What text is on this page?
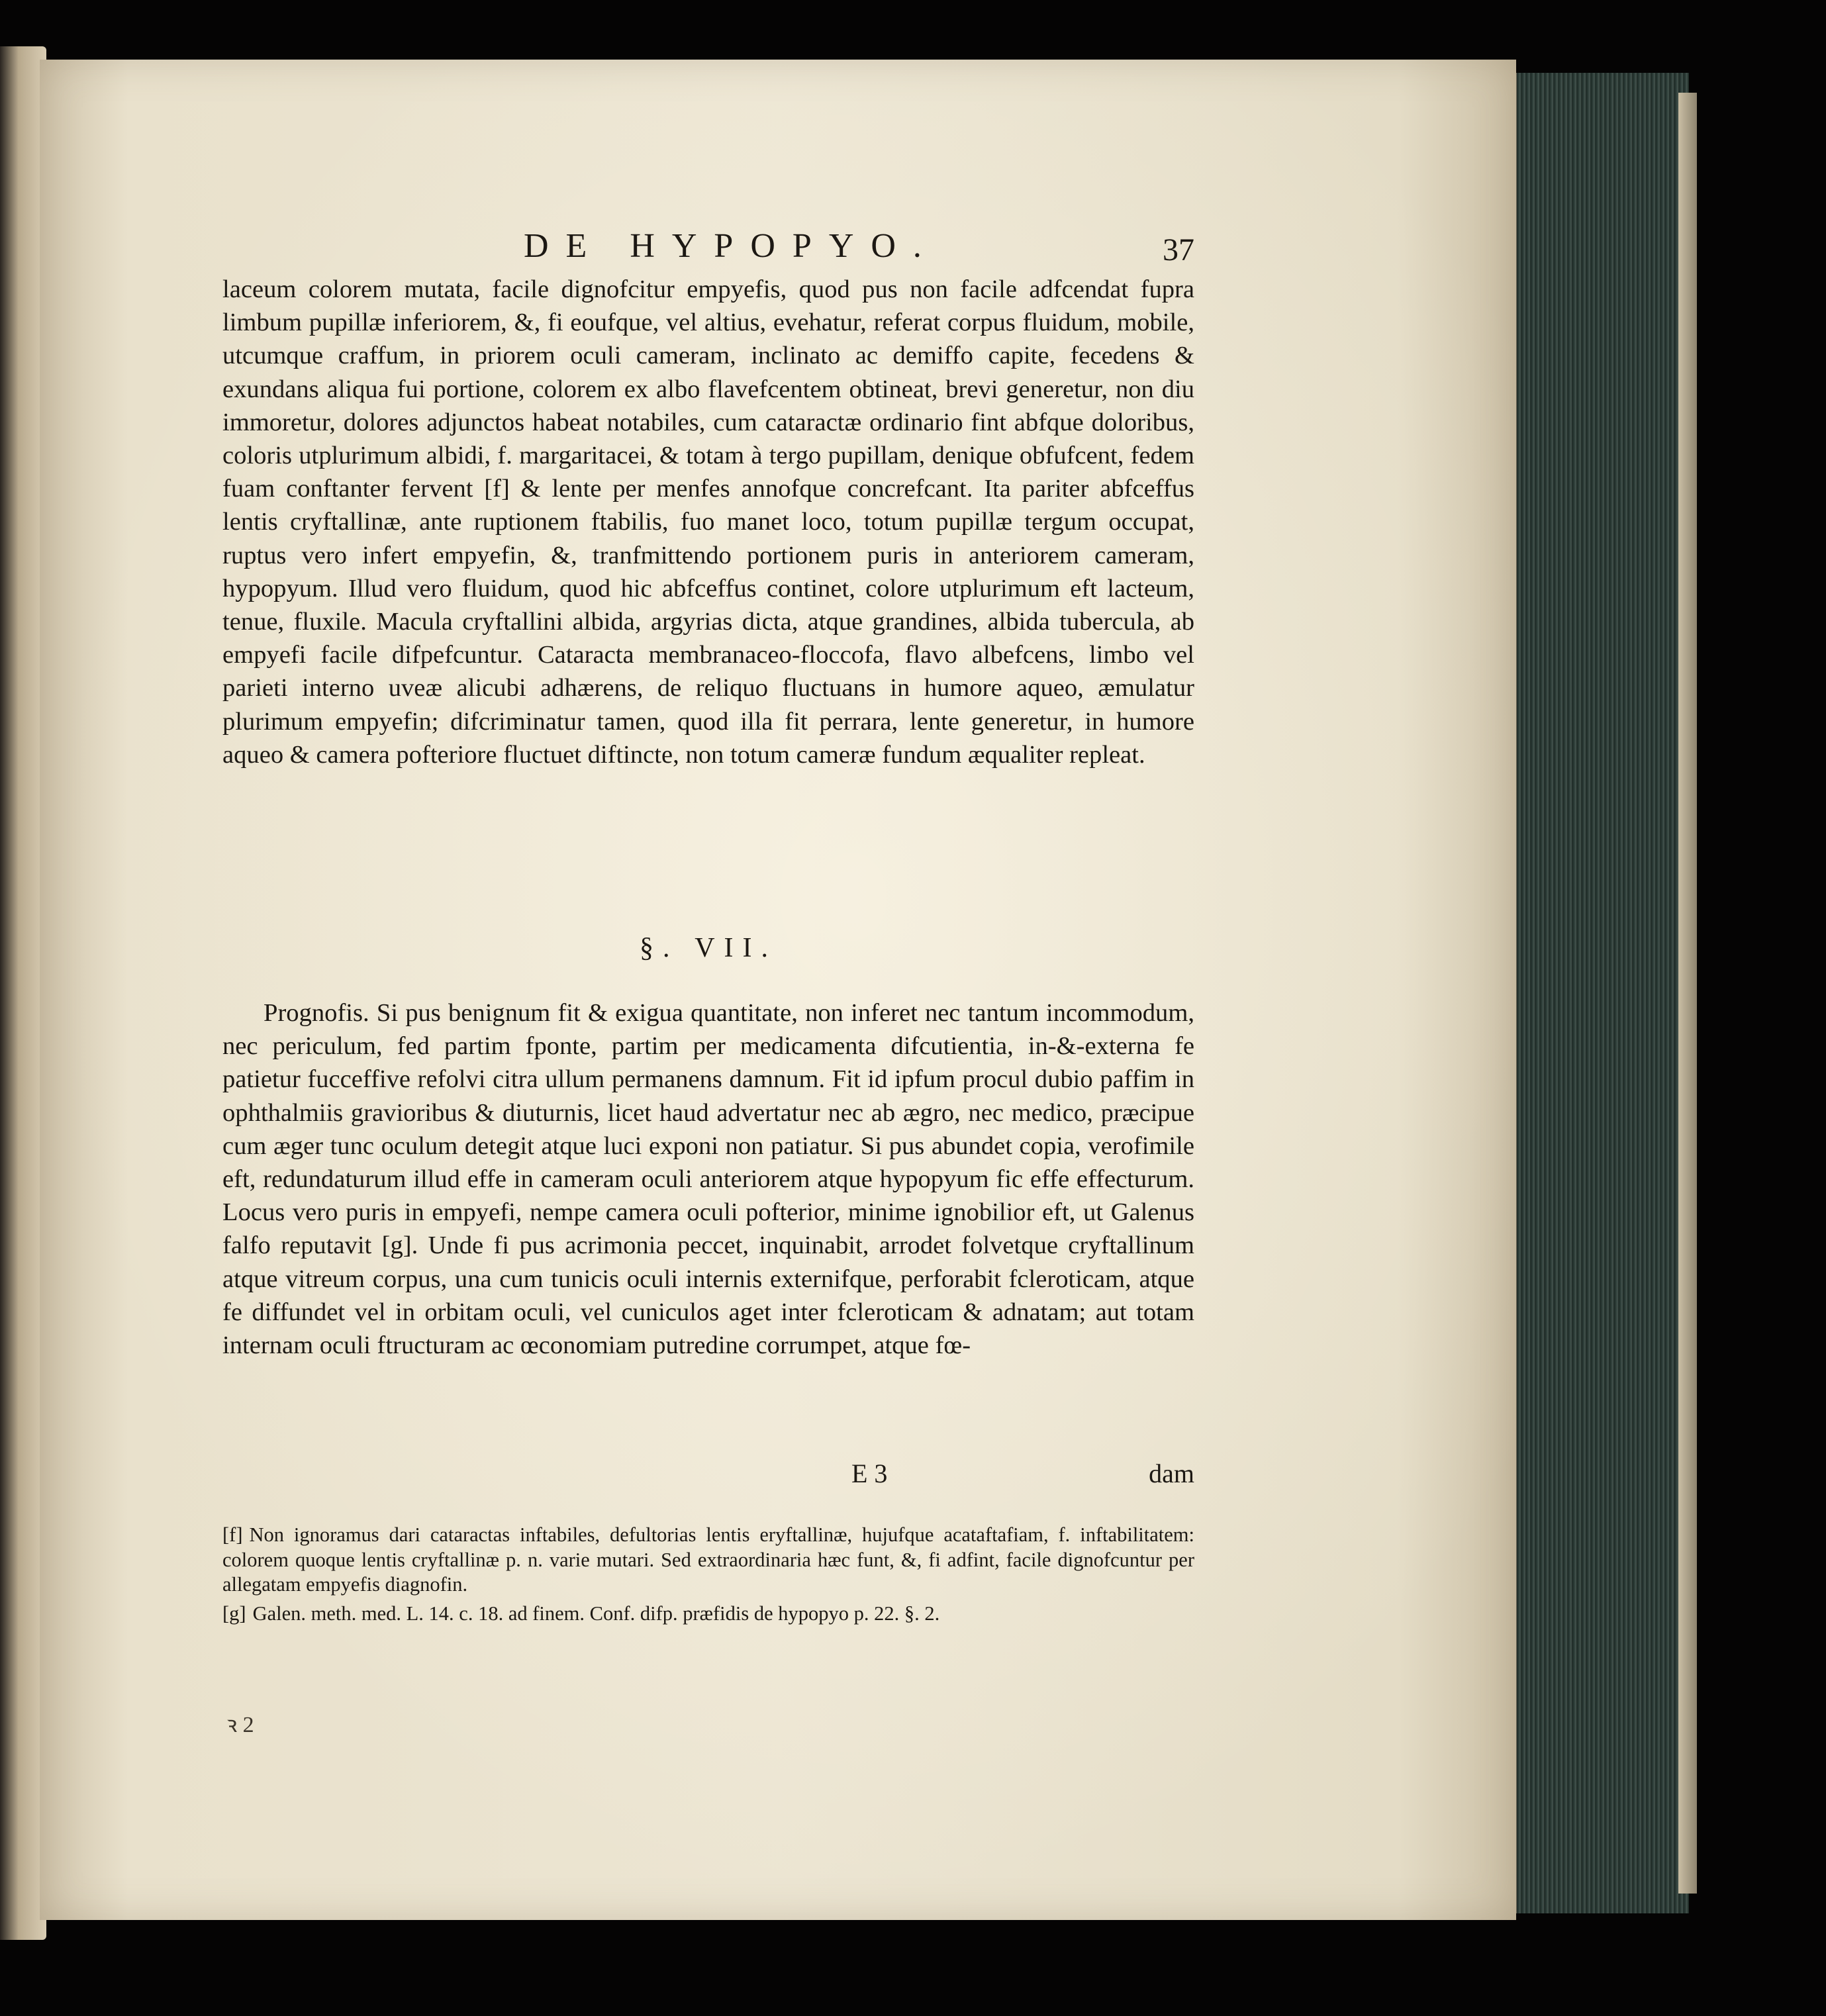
DE HYPOPYO.	37

laceum colorem mutata, facile dignofcitur empyefis, quod pus non facile adfcendat fupra limbum pupillæ inferiorem, &, fi eoufque, vel altius, evehatur, referat corpus fluidum, mobile, utcumque craffum, in priorem oculi cameram, inclinato ac demiffo capite, fecedens & exundans aliqua fui portione, colorem ex albo flavefcentem obtineat, brevi generetur, non diu immoretur, dolores adjunctos habeat notabiles, cum cataractæ ordinario fint abfque doloribus, coloris utplurimum albidi, f. margaritacei, & totam à tergo pupillam, denique obfufcent, fedem fuam conftanter fervent [f] & lente per menfes annofque concrefcant. Ita pariter abfceffus lentis cryftallinæ, ante ruptionem ftabilis, fuo manet loco, totum pupillæ tergum occupat, ruptus vero infert empyefin, &, tranfmittendo portionem puris in anteriorem cameram, hypopyum. Illud vero fluidum, quod hic abfceffus continet, colore utplurimum eft lacteum, tenue, fluxile. Macula cryftallini albida, argyrias dicta, atque grandines, albida tubercula, ab empyefi facile difpefcuntur. Cataracta membranaceo-floccofa, flavo albefcens, limbo vel parieti interno uveæ alicubi adhærens, de reliquo fluctuans in humore aqueo, æmulatur plurimum empyefin; difcriminatur tamen, quod illa fit perrara, lente generetur, in humore aqueo & camera pofteriore fluctuet diftincte, non totum cameræ fundum æqualiter repleat.

§. VII.

Prognofis. Si pus benignum fit & exigua quantitate, non inferet nec tantum incommodum, nec periculum, fed partim fponte, partim per medicamenta difcutientia, in-&-externa fe patietur fucceffive refolvi citra ullum permanens damnum. Fit id ipfum procul dubio paffim in ophthalmiis gravioribus & diuturnis, licet haud advertatur nec ab ægro, nec medico, præcipue cum æger tunc oculum detegit atque luci exponi non patiatur. Si pus abundet copia, verofimile eft, redundaturum illud effe in cameram oculi anteriorem atque hypopyum fic effe effecturum. Locus vero puris in empyefi, nempe camera oculi pofterior, minime ignobilior eft, ut Galenus falfo reputavit [g]. Unde fi pus acrimonia peccet, inquinabit, arrodet folvetque cryftallinum atque vitreum corpus, una cum tunicis oculi internis externifque, perforabit fcleroticam, atque fe diffundet vel in orbitam oculi, vel cuniculos aget inter fcleroticam & adnatam; aut totam internam oculi ftructuram ac œconomiam putredine corrumpet, atque fœ-

E 3	dam

[f] Non ignoramus dari cataractas inftabiles, defultorias lentis eryftallinæ, hujufque acataftafiam, f. inftabilitatem: colorem quoque lentis cryftallinæ p. n. varie mutari. Sed extraordinaria hæc funt, &, fi adfint, facile dignofcuntur per allegatam empyefis diagnofin.

[g] Galen. meth. med. L. 14. c. 18. ad finem. Conf. difp. præfidis de hypopyo p. 22. §. 2.

ꝛ 2
